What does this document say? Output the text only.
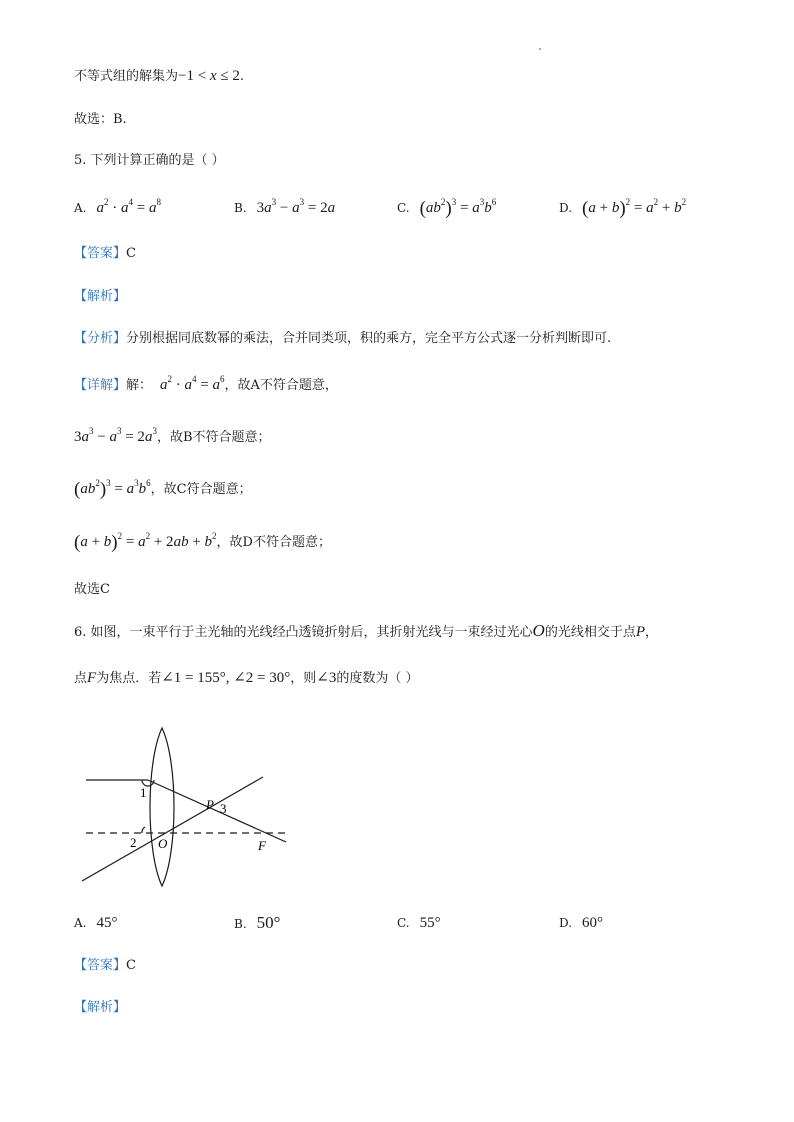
不等式组的解集为−1 < x ≤ 2.
故选：B.
5. 下列计算正确的是（ ）
A. $a^2 \cdot a^4 = a^8$	B. $3a^3 - a^3 = 2a$	C. $(ab^2)^3 = a^3b^6$	D. $(a + b)^2 = a^2 + b^2$
【答案】C
【解析】
【分析】分别根据同底数幂的乘法，合并同类项，积的乘方，完全平方公式逐一分析判断即可.
【详解】解： $a^2 \cdot a^4 = a^6$，故A不符合题意，
$3a^3 - a^3 = 2a^3$，故B不符合题意；
$(ab^2)^3 = a^3b^6$，故C符合题意；
$(a + b)^2 = a^2 + 2ab + b^2$，故D不符合题意；
故选C
6. 如图，一束平行于主光轴的光线经凸透镜折射后，其折射光线与一束经过光心O的光线相交于点P，
点F为焦点．若∠1 = 155°, ∠2 = 30°，则∠3的度数为（ ）
1
2
P 3
O	F
A. 45°	B. 50°	C. 55°	D. 60°
【答案】C
【解析】
